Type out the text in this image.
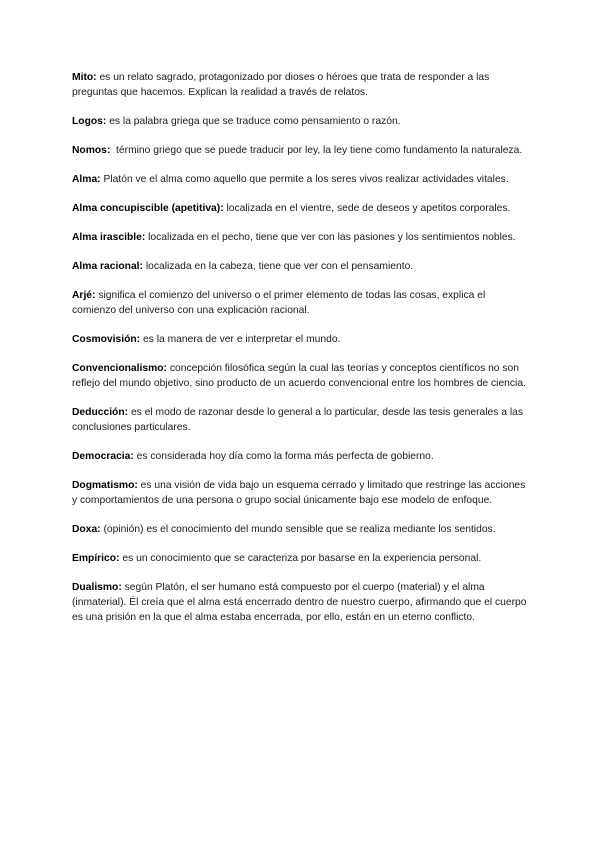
Mito: es un relato sagrado, protagonizado por dioses o héroes que trata de responder a las preguntas que hacemos. Explican la realidad a través de relatos.

Logos: es la palabra griega que se traduce como pensamiento o razón.

Nomos:  término griego que se puede traducir por ley, la ley tiene como fundamento la naturaleza.

Alma: Platón ve el alma como aquello que permite a los seres vivos realizar actividades vitales.

Alma concupiscible (apetitiva): localizada en el vientre, sede de deseos y apetitos corporales.

Alma irascible: localizada en el pecho, tiene que ver con las pasiones y los sentimientos nobles.

Alma racional: localizada en la cabeza, tiene que ver con el pensamiento.

Arjé: significa el comienzo del universo o el primer elemento de todas las cosas, explica el comienzo del universo con una explicación racional.

Cosmovisión: es la manera de ver e interpretar el mundo.

Convencionalismo: concepción filosófica según la cual las teorías y conceptos científicos no son reflejo del mundo objetivo, sino producto de un acuerdo convencional entre los hombres de ciencia.

Deducción: es el modo de razonar desde lo general a lo particular, desde las tesis generales a las conclusiones particulares.

Democracia: es considerada hoy día como la forma más perfecta de gobierno.

Dogmatismo: es una visión de vida bajo un esquema cerrado y limitado que restringe las acciones y comportamientos de una persona o grupo social únicamente bajo ese modelo de enfoque.

Doxa: (opinión) es el conocimiento del mundo sensible que se realiza mediante los sentidos.

Empírico: es un conocimiento que se caracteriza por basarse en la experiencia personal.

Dualismo: según Platón, el ser humano está compuesto por el cuerpo (material) y el alma (inmaterial). Él creía que el alma está encerrado dentro de nuestro cuerpo, afirmando que el cuerpo es una prisión en la que el alma estaba encerrada, por ello, están en un eterno conflicto.
